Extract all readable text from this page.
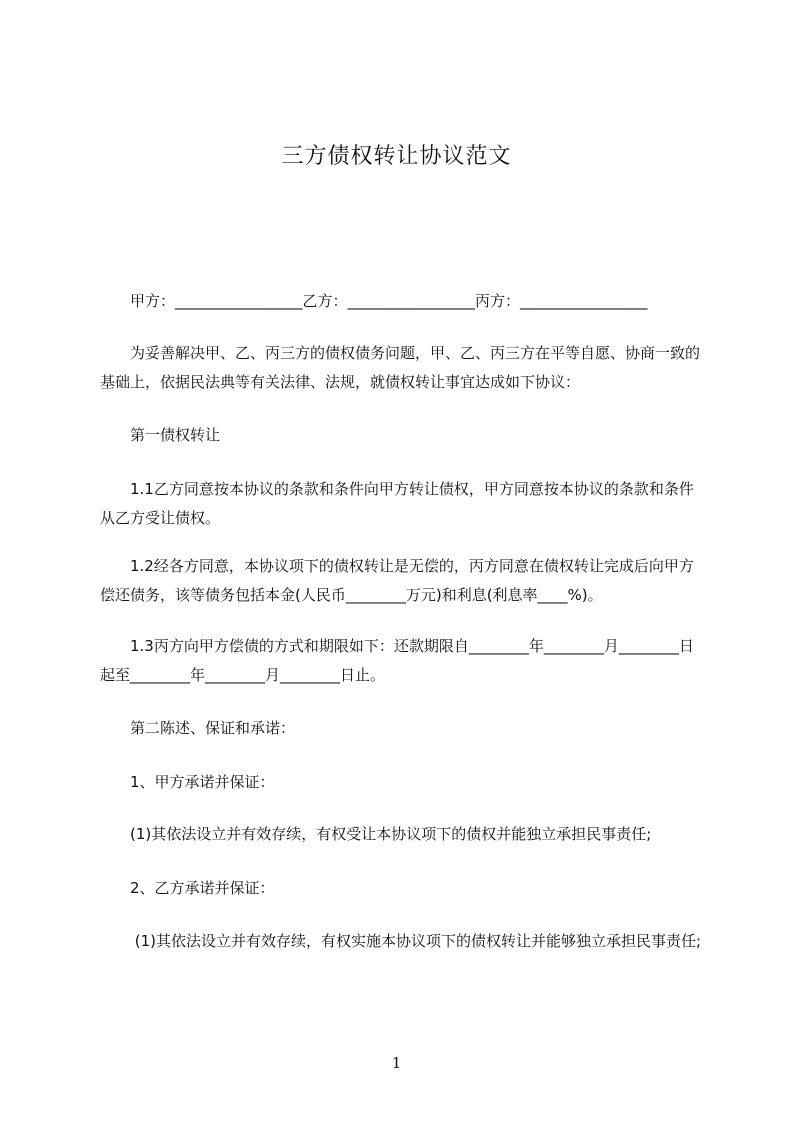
三方债权转让协议范文

　　甲方：_________________乙方：_________________丙方：_________________

　　为妥善解决甲、乙、丙三方的债权债务问题，甲、乙、丙三方在平等自愿、协商一致的基础上，依据民法典等有关法律、法规，就债权转让事宜达成如下协议：

　　第一债权转让

　　1.1乙方同意按本协议的条款和条件向甲方转让债权，甲方同意按本协议的条款和条件从乙方受让债权。

　　1.2经各方同意，本协议项下的债权转让是无偿的，丙方同意在债权转让完成后向甲方偿还债务，该等债务包括本金(人民币________万元)和利息(利息率____%)。

　　1.3丙方向甲方偿债的方式和期限如下：还款期限自________年________月________日起至________年________月________日止。

　　第二陈述、保证和承诺：

　　1、甲方承诺并保证：

　　(1)其依法设立并有效存续，有权受让本协议项下的债权并能独立承担民事责任;

　　2、乙方承诺并保证：

　　 (1)其依法设立并有效存续，有权实施本协议项下的债权转让并能够独立承担民事责任;

1
